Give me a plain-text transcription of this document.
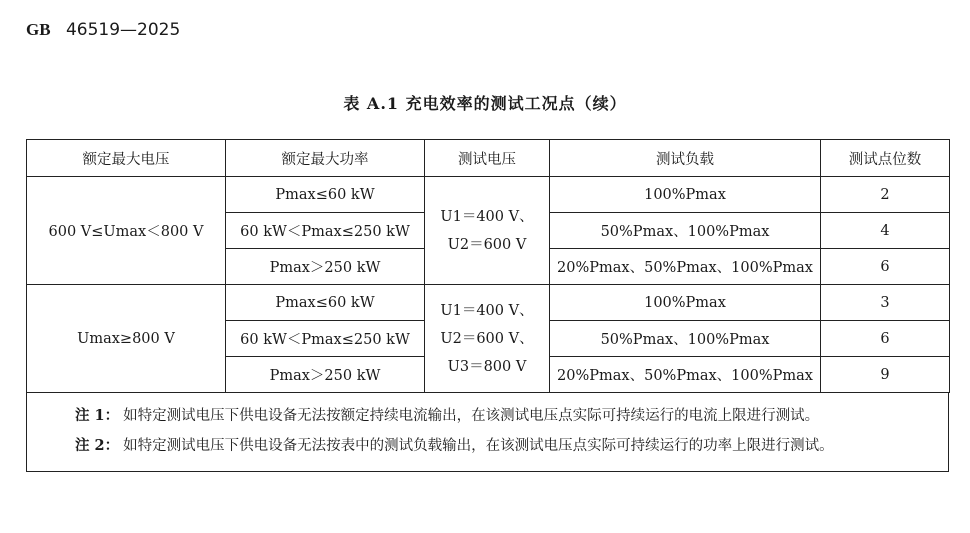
GB 46519—2025
表 A.1 充电效率的测试工况点（续）
额定最大电压	额定最大功率	测试电压	测试负载	测试点位数
600 V≤Umax＜800 V	Pmax≤60 kW	U1＝400 V、
U2＝600 V	100%Pmax	2
	60 kW＜Pmax≤250 kW		50%Pmax、100%Pmax	4
	Pmax＞250 kW		20%Pmax、50%Pmax、100%Pmax	6
Umax≥800 V	Pmax≤60 kW	U1＝400 V、
U2＝600 V、
U3＝800 V	100%Pmax	3
	60 kW＜Pmax≤250 kW		50%Pmax、100%Pmax	6
	Pmax＞250 kW		20%Pmax、50%Pmax、100%Pmax	9
注 1： 如特定测试电压下供电设备无法按额定持续电流输出，在该测试电压点实际可持续运行的电流上限进行测试。
注 2： 如特定测试电压下供电设备无法按表中的测试负载输出，在该测试电压点实际可持续运行的功率上限进行测试。
